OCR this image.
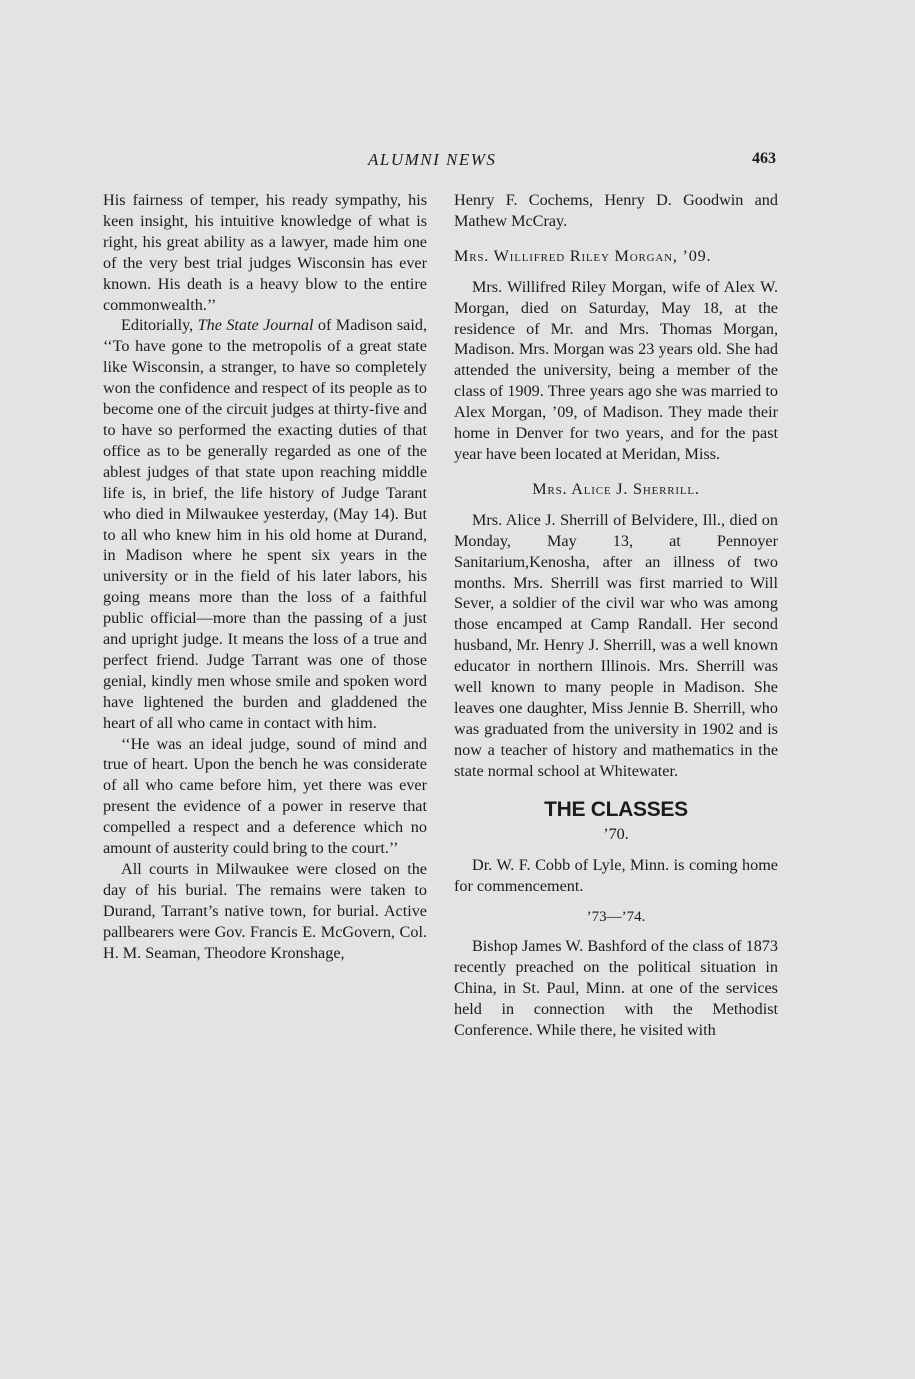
ALUMNI NEWS	463

His fairness of temper, his ready sympathy, his keen insight, his intuitive knowledge of what is right, his great ability as a lawyer, made him one of the very best trial judges Wisconsin has ever known. His death is a heavy blow to the entire commonwealth.’’

Editorially, The State Journal of Madison said, ‘‘To have gone to the metropolis of a great state like Wisconsin, a stranger, to have so completely won the confidence and respect of its people as to become one of the circuit judges at thirty-five and to have so performed the exacting duties of that office as to be generally regarded as one of the ablest judges of that state upon reaching middle life is, in brief, the life history of Judge Tarant who died in Milwaukee yesterday, (May 14). But to all who knew him in his old home at Durand, in Madison where he spent six years in the university or in the field of his later labors, his going means more than the loss of a faithful public official—more than the passing of a just and upright judge. It means the loss of a true and perfect friend. Judge Tarrant was one of those genial, kindly men whose smile and spoken word have lightened the burden and gladdened the heart of all who came in contact with him.

‘‘He was an ideal judge, sound of mind and true of heart. Upon the bench he was considerate of all who came before him, yet there was ever present the evidence of a power in reserve that compelled a respect and a deference which no amount of austerity could bring to the court.’’

All courts in Milwaukee were closed on the day of his burial. The remains were taken to Durand, Tarrant’s native town, for burial. Active pallbearers were Gov. Francis E. McGovern, Col. H. M. Seaman, Theodore Kronshage,

Henry F. Cochems, Henry D. Goodwin and Mathew McCray.

Mrs. Willifred Riley Morgan, ’09.

Mrs. Willifred Riley Morgan, wife of Alex W. Morgan, died on Saturday, May 18, at the residence of Mr. and Mrs. Thomas Morgan, Madison. Mrs. Morgan was 23 years old. She had attended the university, being a member of the class of 1909. Three years ago she was married to Alex Morgan, ’09, of Madison. They made their home in Denver for two years, and for the past year have been located at Meridan, Miss.

Mrs. Alice J. Sherrill.

Mrs. Alice J. Sherrill of Belvidere, Ill., died on Monday, May 13, at Pennoyer Sanitarium,Kenosha, after an illness of two months. Mrs. Sherrill was first married to Will Sever, a soldier of the civil war who was among those encamped at Camp Randall. Her second husband, Mr. Henry J. Sherrill, was a well known educator in northern Illinois. Mrs. Sherrill was well known to many people in Madison. She leaves one daughter, Miss Jennie B. Sherrill, who was graduated from the university in 1902 and is now a teacher of history and mathematics in the state normal school at Whitewater.

THE CLASSES
’70.

Dr. W. F. Cobb of Lyle, Minn. is coming home for commencement.

’73—’74.

Bishop James W. Bashford of the class of 1873 recently preached on the political situation in China, in St. Paul, Minn. at one of the services held in connection with the Methodist Conference. While there, he visited with
